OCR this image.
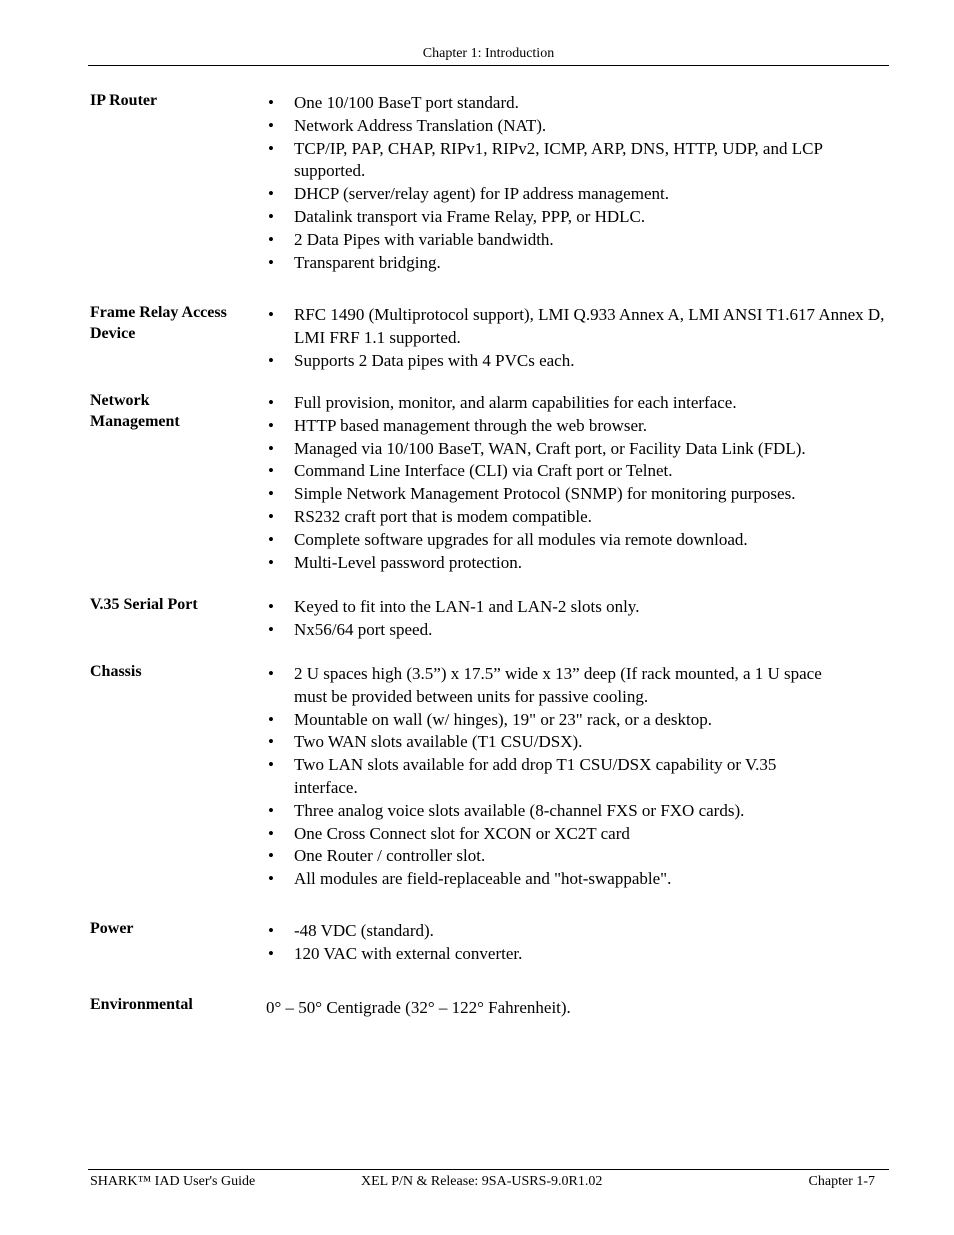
Chapter 1: Introduction
IP Router	• One 10/100 BaseT port standard.
• Network Address Translation (NAT).
• TCP/IP, PAP, CHAP, RIPv1, RIPv2, ICMP, ARP, DNS, HTTP, UDP, and LCP supported.
• DHCP (server/relay agent) for IP address management.
• Datalink transport via Frame Relay, PPP, or HDLC.
• 2 Data Pipes with variable bandwidth.
• Transparent bridging.
Frame Relay Access Device
• RFC 1490 (Multiprotocol support), LMI Q.933 Annex A, LMI ANSI T1.617 Annex D, LMI FRF 1.1 supported.
• Supports 2 Data pipes with 4 PVCs each.
Network Management
• Full provision, monitor, and alarm capabilities for each interface.
• HTTP based management through the web browser.
• Managed via 10/100 BaseT, WAN, Craft port, or Facility Data Link (FDL).
• Command Line Interface (CLI) via Craft port or Telnet.
• Simple Network Management Protocol (SNMP) for monitoring purposes.
• RS232 craft port that is modem compatible.
• Complete software upgrades for all modules via remote download.
• Multi-Level password protection.
V.35 Serial Port	• Keyed to fit into the LAN-1 and LAN-2 slots only.
• Nx56/64 port speed.
Chassis	• 2 U spaces high (3.5”) x 17.5” wide x 13” deep (If rack mounted, a 1 U space must be provided between units for passive cooling.
• Mountable on wall (w/ hinges), 19" or 23" rack, or a desktop.
• Two WAN slots available (T1 CSU/DSX).
• Two LAN slots available for add drop T1 CSU/DSX capability or V.35 interface.
• Three analog voice slots available (8-channel FXS or FXO cards).
• One Cross Connect slot for XCON or XC2T card
• One Router / controller slot.
• All modules are field-replaceable and "hot-swappable".
Power	• -48 VDC (standard).
• 120 VAC with external converter.
Environmental	0° – 50° Centigrade (32° – 122° Fahrenheit).
SHARK™ IAD User's Guide	XEL P/N & Release: 9SA-USRS-9.0R1.02	Chapter 1-7
